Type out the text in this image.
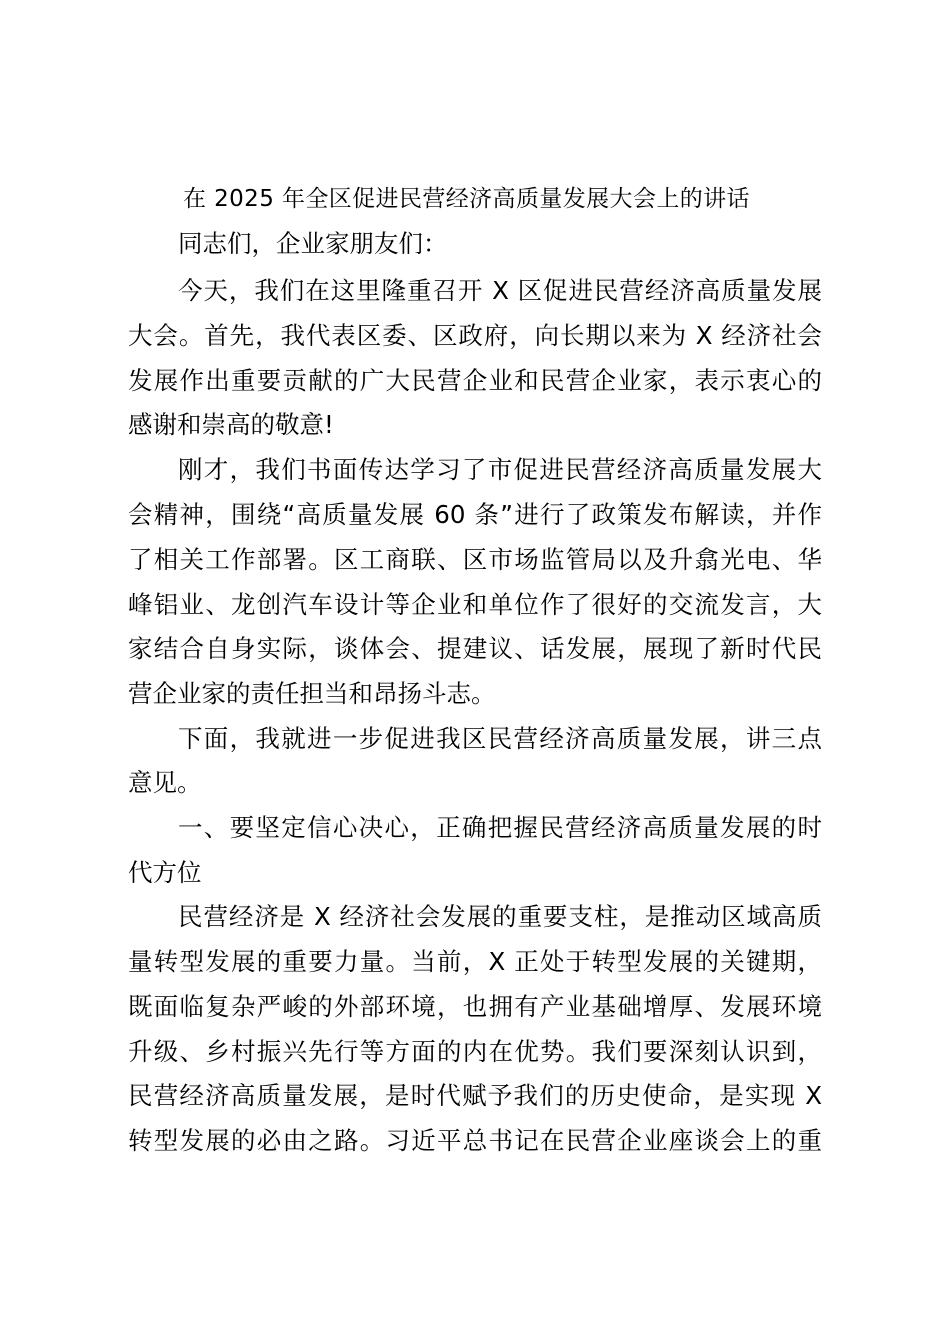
在 2025 年全区促进民营经济高质量发展大会上的讲话
同志们，企业家朋友们：
今天，我们在这里隆重召开 X 区促进民营经济高质量发展
大会。首先，我代表区委、区政府，向长期以来为 X 经济社会
发展作出重要贡献的广大民营企业和民营企业家，表示衷心的
感谢和崇高的敬意!
刚才，我们书面传达学习了市促进民营经济高质量发展大
会精神，围绕“高质量发展 60 条”进行了政策发布解读，并作
了相关工作部署。区工商联、区市场监管局以及升翕光电、华
峰铝业、龙创汽车设计等企业和单位作了很好的交流发言，大
家结合自身实际，谈体会、提建议、话发展，展现了新时代民
营企业家的责任担当和昂扬斗志。
下面，我就进一步促进我区民营经济高质量发展，讲三点
意见。
一、要坚定信心决心，正确把握民营经济高质量发展的时
代方位
民营经济是 X 经济社会发展的重要支柱，是推动区域高质
量转型发展的重要力量。当前，X 正处于转型发展的关键期，
既面临复杂严峻的外部环境，也拥有产业基础增厚、发展环境
升级、乡村振兴先行等方面的内在优势。我们要深刻认识到，
民营经济高质量发展，是时代赋予我们的历史使命，是实现 X
转型发展的必由之路。习近平总书记在民营企业座谈会上的重
